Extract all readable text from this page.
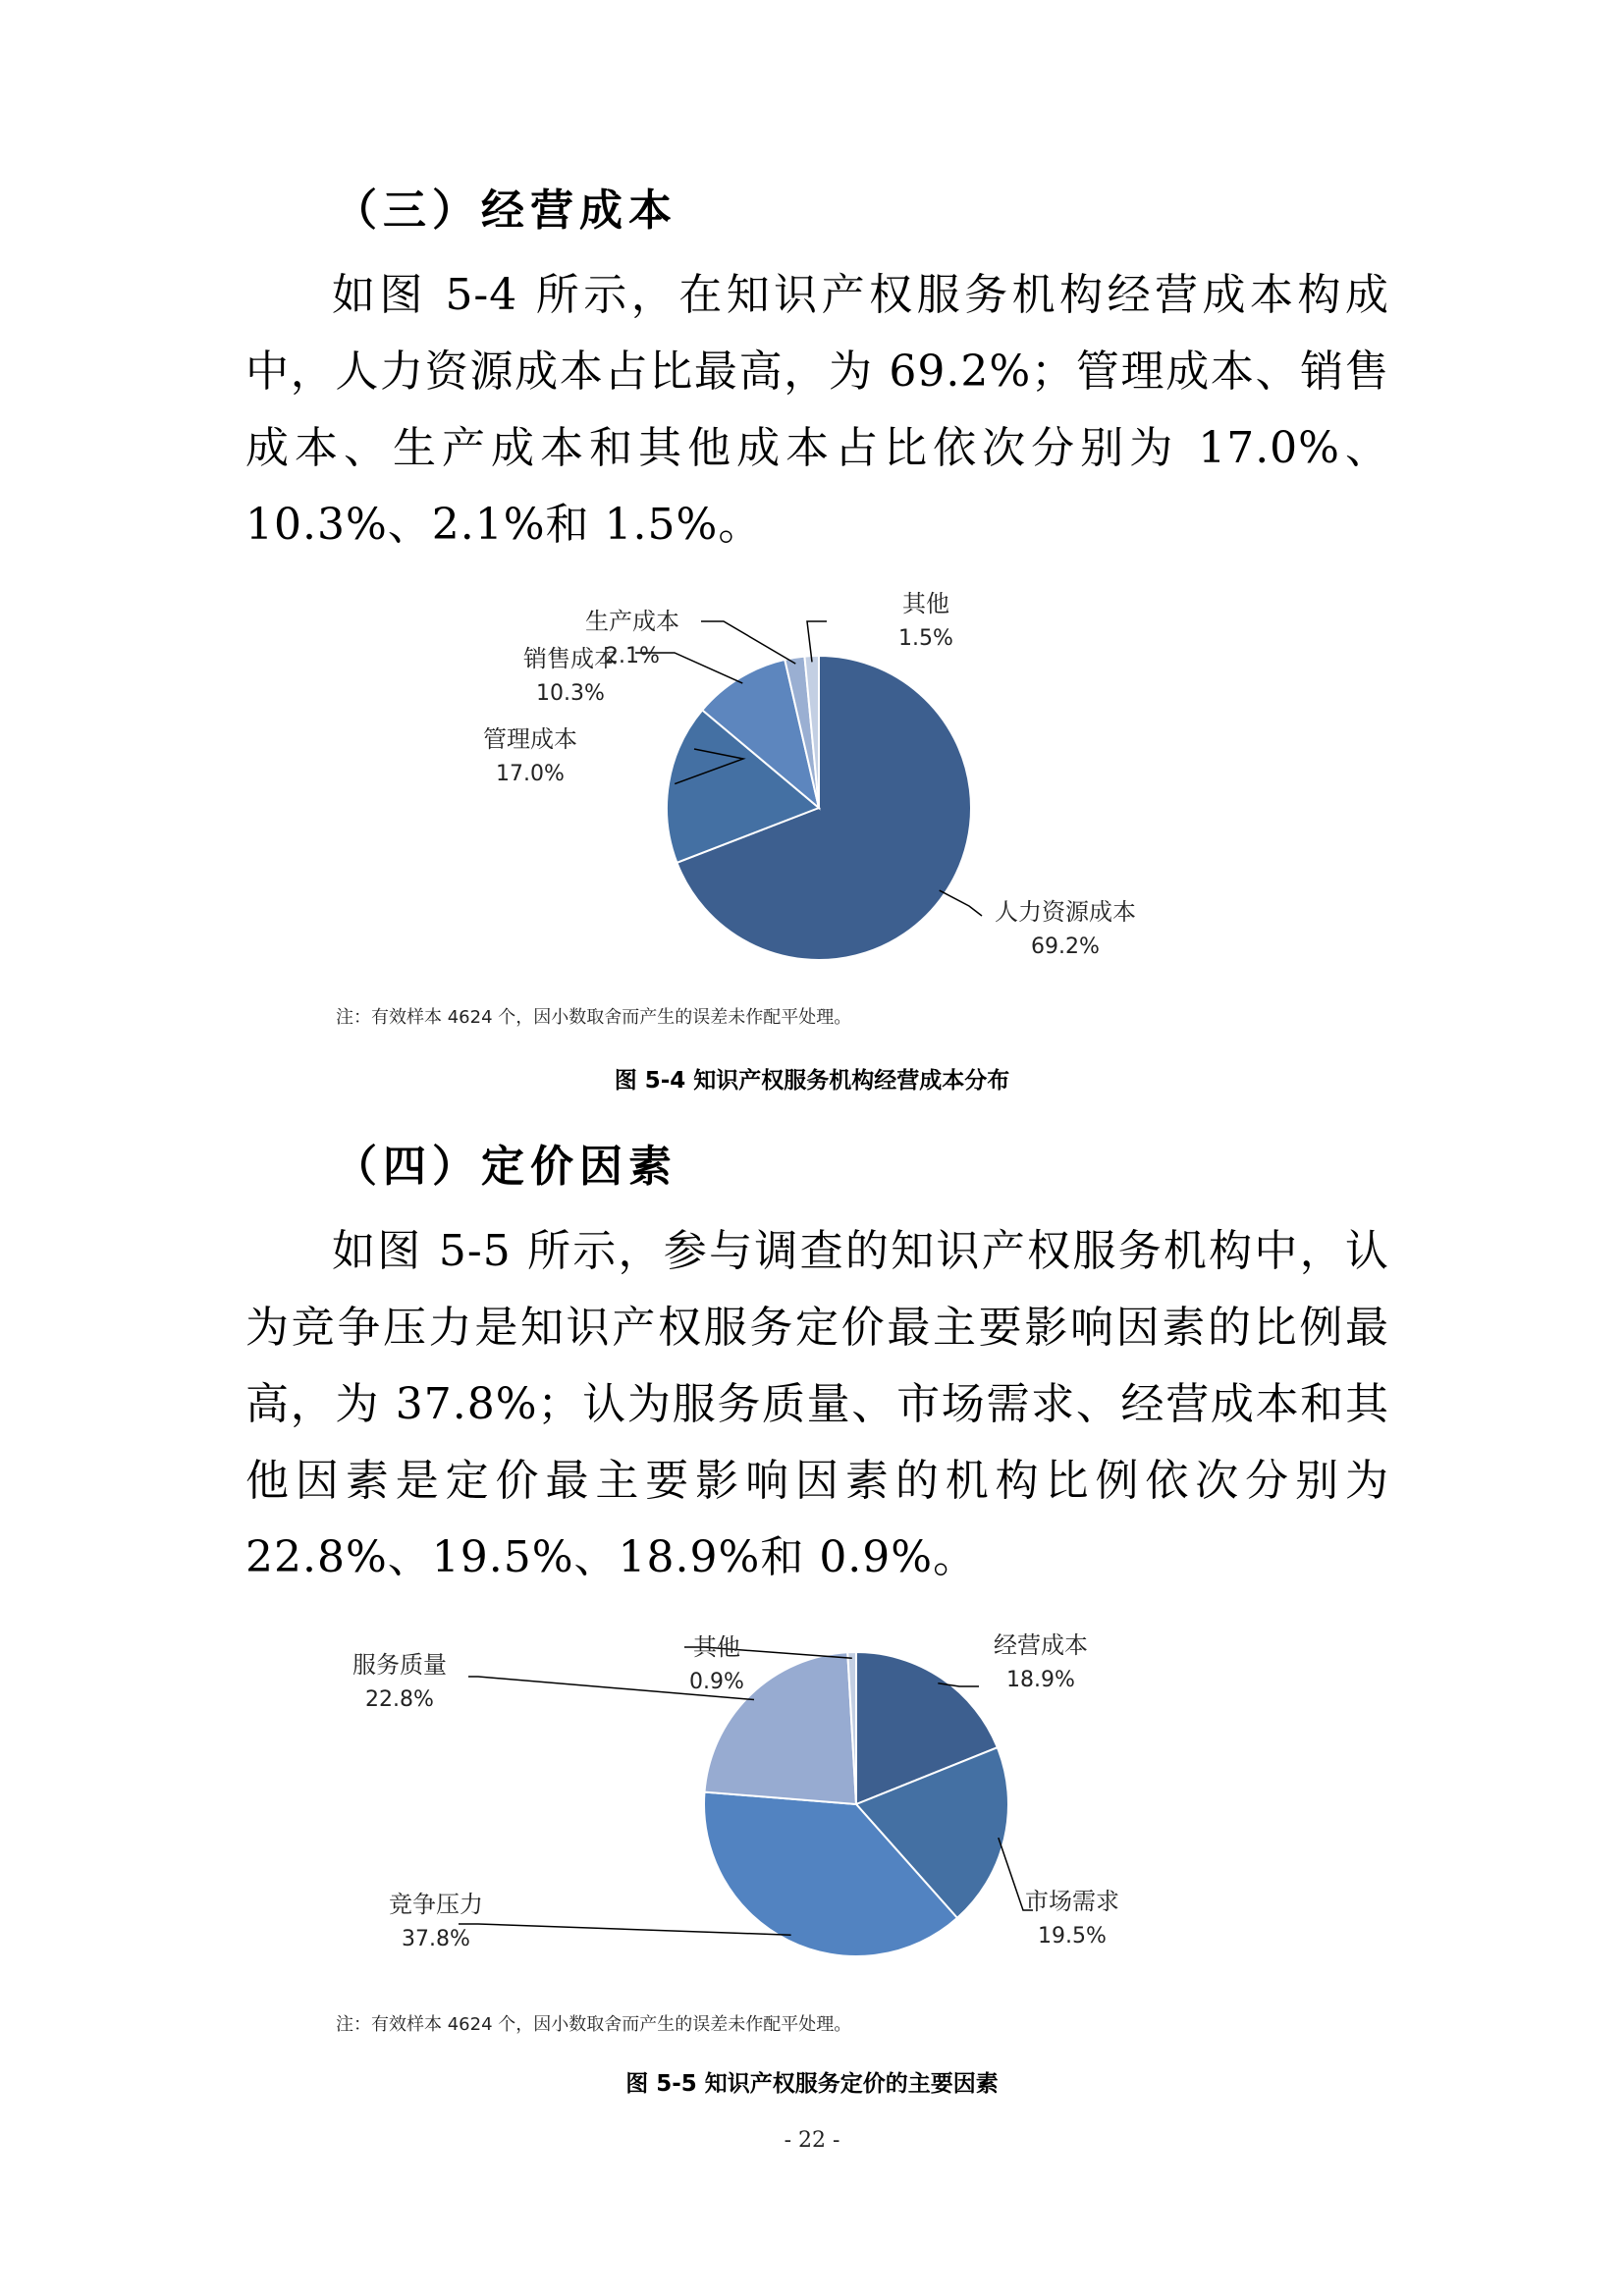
（三）经营成本

如图 5-4 所示，在知识产权服务机构经营成本构成中，人力资源成本占比最高，为 69.2%；管理成本、销售成本、生产成本和其他成本占比依次分别为 17.0%、10.3%、2.1%和 1.5%。

人力资源成本
69.2%
管理成本
17.0%
销售成本
10.3%
生产成本
2.1%
其他
1.5%

注：有效样本 4624 个，因小数取舍而产生的误差未作配平处理。

图 5-4 知识产权服务机构经营成本分布

（四）定价因素

如图 5-5 所示，参与调查的知识产权服务机构中，认为竞争压力是知识产权服务定价最主要影响因素的比例最高，为 37.8%；认为服务质量、市场需求、经营成本和其他因素是定价最主要影响因素的机构比例依次分别为 22.8%、19.5%、18.9%和 0.9%。

经营成本
18.9%
市场需求
19.5%
竞争压力
37.8%
服务质量
22.8%
其他
0.9%

注：有效样本 4624 个，因小数取舍而产生的误差未作配平处理。

图 5-5 知识产权服务定价的主要因素

- 22 -
